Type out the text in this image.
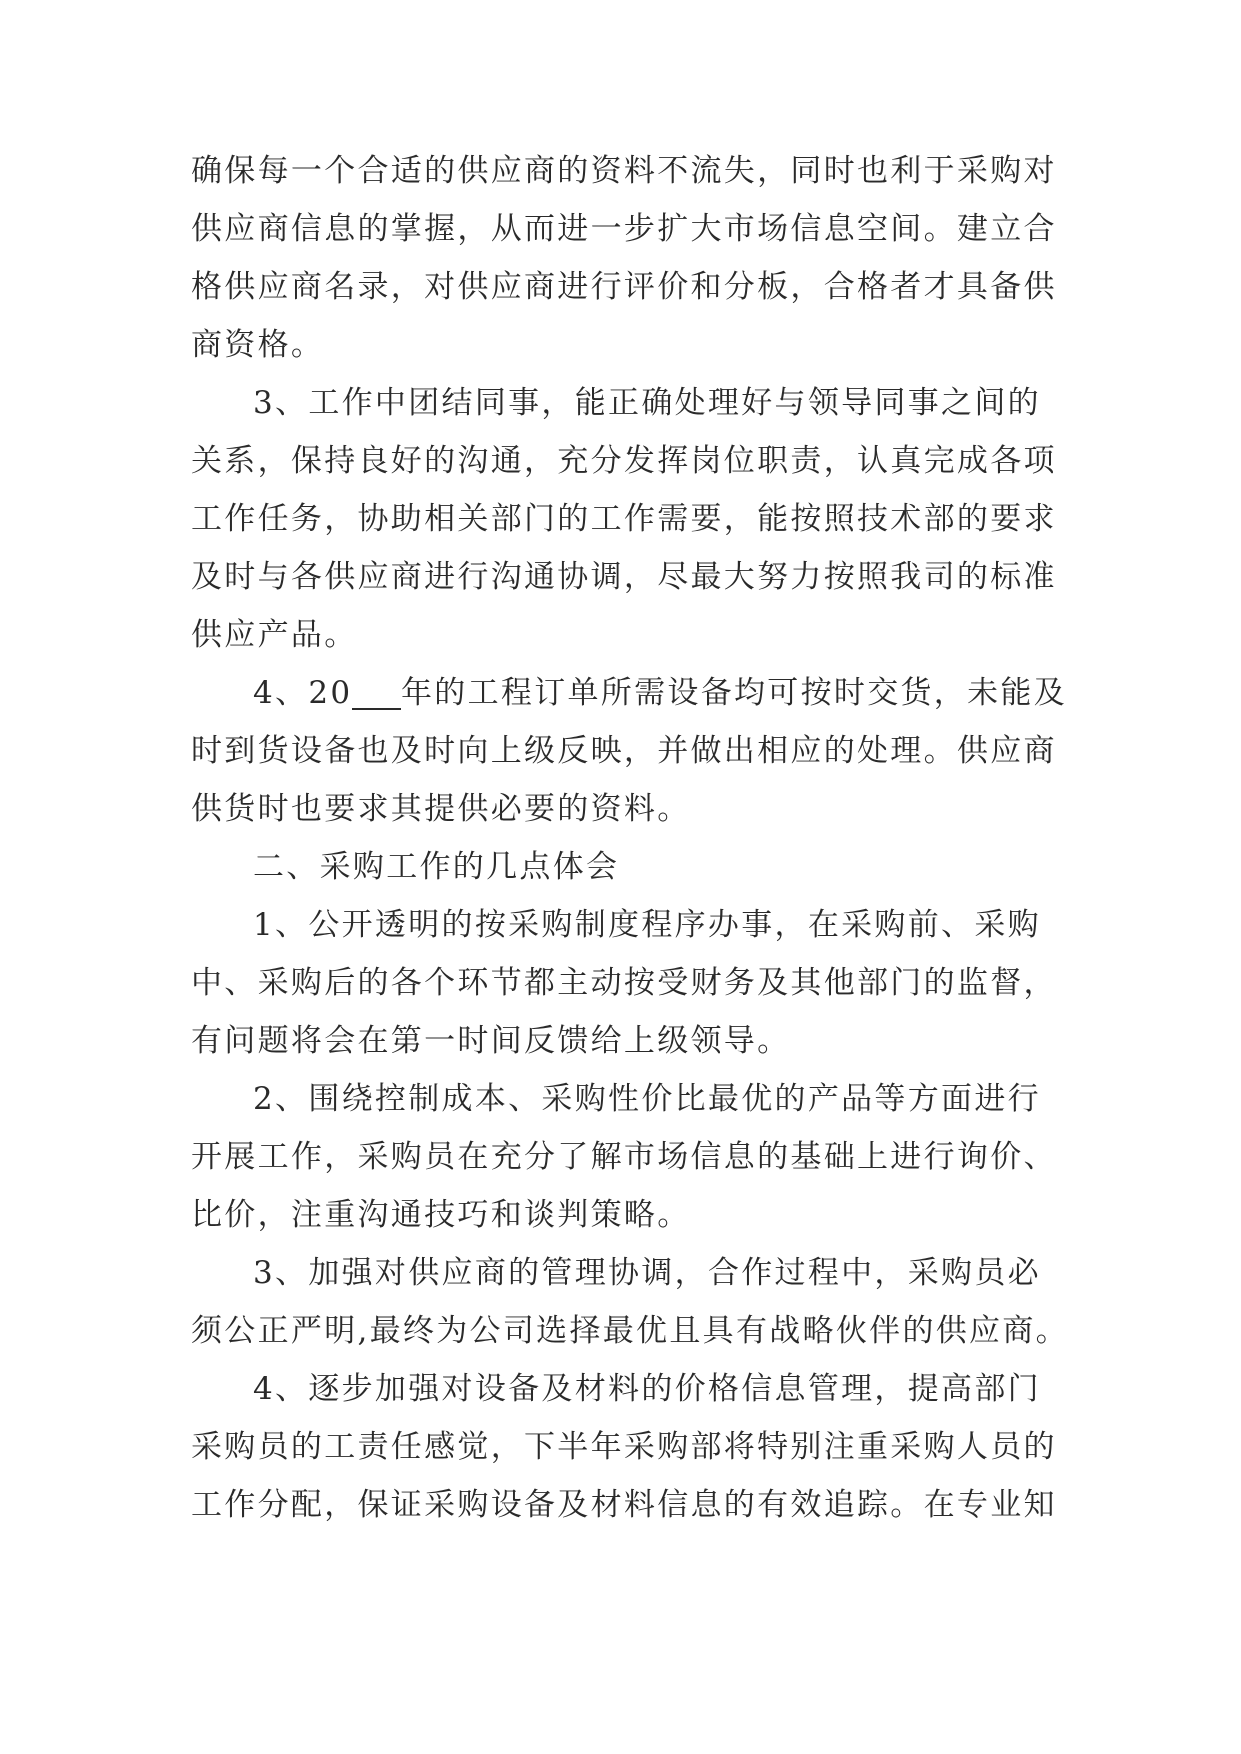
确保每一个合适的供应商的资料不流失，同时也利于采购对
供应商信息的掌握，从而进一步扩大市场信息空间。建立合
格供应商名录，对供应商进行评价和分板，合格者才具备供
商资格。
3、工作中团结同事，能正确处理好与领导同事之间的
关系，保持良好的沟通，充分发挥岗位职责，认真完成各项
工作任务，协助相关部门的工作需要，能按照技术部的要求
及时与各供应商进行沟通协调，尽最大努力按照我司的标准
供应产品。
4、20 年的工程订单所需设备均可按时交货，未能及
时到货设备也及时向上级反映，并做出相应的处理。供应商
供货时也要求其提供必要的资料。
二、采购工作的几点体会
1、公开透明的按采购制度程序办事，在采购前、采购
中、采购后的各个环节都主动按受财务及其他部门的监督，
有问题将会在第一时间反馈给上级领导。
2、围绕控制成本、采购性价比最优的产品等方面进行
开展工作，采购员在充分了解市场信息的基础上进行询价、
比价，注重沟通技巧和谈判策略。
3、加强对供应商的管理协调，合作过程中，采购员必
须公正严明,最终为公司选择最优且具有战略伙伴的供应商。
4、逐步加强对设备及材料的价格信息管理，提高部门
采购员的工责任感觉，下半年采购部将特别注重采购人员的
工作分配，保证采购设备及材料信息的有效追踪。在专业知
